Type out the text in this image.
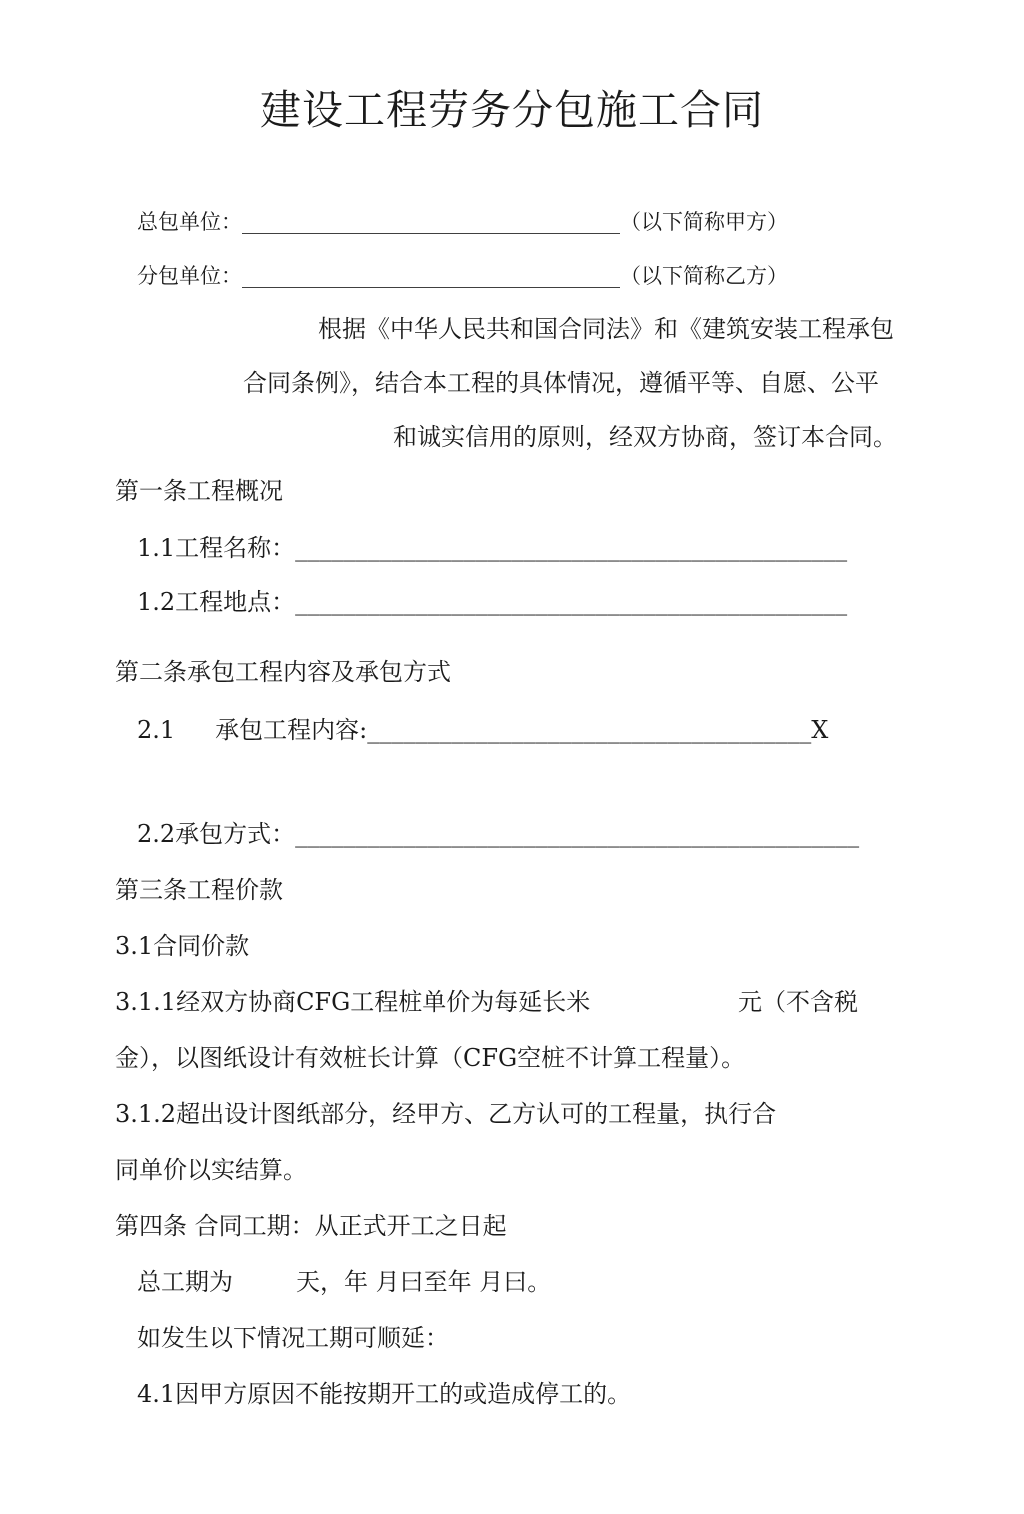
建设工程劳务分包施工合同
总包单位：____________________________________（以下简称甲方）
分包单位：____________________________________（以下简称乙方）
根据《中华人民共和国合同法》和《建筑安装工程承包
合同条例》，结合本工程的具体情况，遵循平等、自愿、公平
和诚实信用的原则，经双方协商，签订本合同。
第一条工程概况
1.1工程名称：______________________________________________
1.2工程地点：______________________________________________
第二条承包工程内容及承包方式
2.1 承包工程内容:_____________________________________X
2.2承包方式：_______________________________________________
第三条工程价款
3.1合同价款
3.1.1经双方协商CFG工程桩单价为每延长米	元（不含税
金），以图纸设计有效桩长计算（CFG空桩不计算工程量）。
3.1.2超出设计图纸部分，经甲方、乙方认可的工程量，执行合
同单价以实结算。
第四条 合同工期：从正式开工之日起
总工期为	天，年 月曰至年 月曰。
如发生以下情况工期可顺延：
4.1因甲方原因不能按期开工的或造成停工的。
